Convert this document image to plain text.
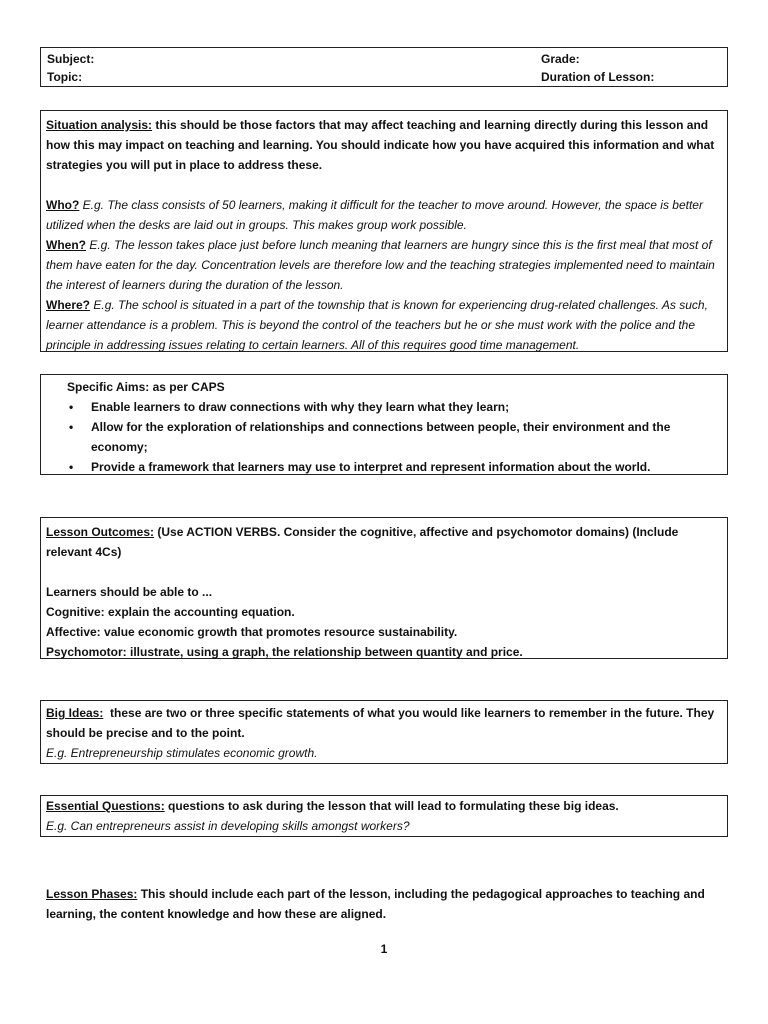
Subject:	Grade:
Topic:	Duration of Lesson:
Situation analysis: this should be those factors that may affect teaching and learning directly during this lesson and how this may impact on teaching and learning. You should indicate how you have acquired this information and what strategies you will put in place to address these.
Who? E.g. The class consists of 50 learners, making it difficult for the teacher to move around. However, the space is better utilized when the desks are laid out in groups. This makes group work possible.
When? E.g. The lesson takes place just before lunch meaning that learners are hungry since this is the first meal that most of them have eaten for the day. Concentration levels are therefore low and the teaching strategies implemented need to maintain the interest of learners during the duration of the lesson.
Where? E.g. The school is situated in a part of the township that is known for experiencing drug-related challenges. As such, learner attendance is a problem. This is beyond the control of the teachers but he or she must work with the police and the principle in addressing issues relating to certain learners. All of this requires good time management.
Specific Aims: as per CAPS
• Enable learners to draw connections with why they learn what they learn;
• Allow for the exploration of relationships and connections between people, their environment and the economy;
• Provide a framework that learners may use to interpret and represent information about the world.
Lesson Outcomes: (Use ACTION VERBS. Consider the cognitive, affective and psychomotor domains) (Include relevant 4Cs)
Learners should be able to ...
Cognitive: explain the accounting equation.
Affective: value economic growth that promotes resource sustainability.
Psychomotor: illustrate, using a graph, the relationship between quantity and price.
Big Ideas:  these are two or three specific statements of what you would like learners to remember in the future. They should be precise and to the point.
E.g. Entrepreneurship stimulates economic growth.
Essential Questions: questions to ask during the lesson that will lead to formulating these big ideas.
E.g. Can entrepreneurs assist in developing skills amongst workers?
Lesson Phases: This should include each part of the lesson, including the pedagogical approaches to teaching and learning, the content knowledge and how these are aligned.
1
